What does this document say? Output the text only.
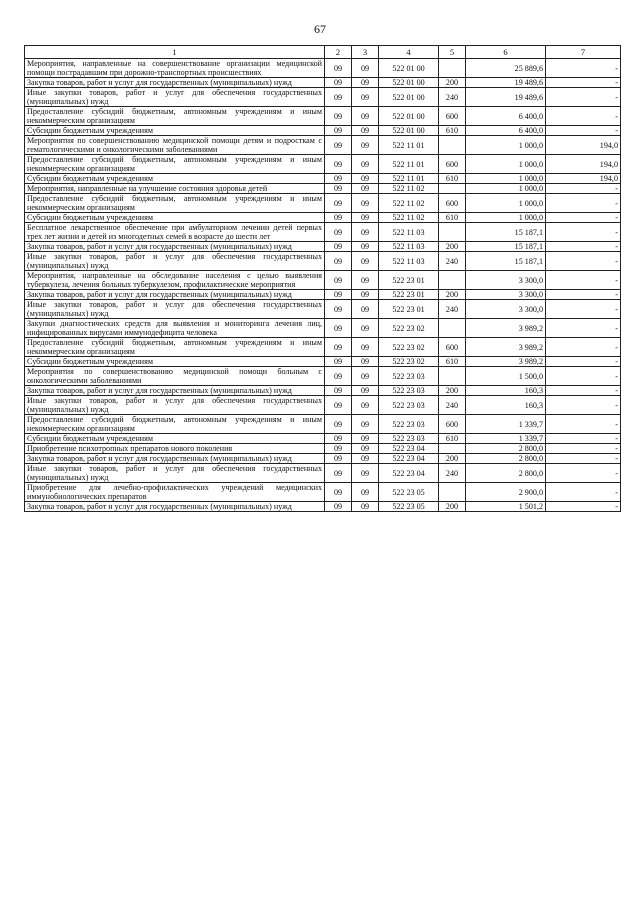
67
1	2	3	4	5	6	7
Мероприятия, направленные на совершенствование организации медицинской помощи пострадавшим при дорожно-транспортных происшествиях	09	09	522 01 00		25 889,6	-
Закупка товаров, работ и услуг для государственных (муниципальных) нужд	09	09	522 01 00	200	19 489,6	-
Иные закупки товаров, работ и услуг для обеспечения государственных (муниципальных) нужд	09	09	522 01 00	240	19 489,6	-
Предоставление субсидий бюджетным, автономным учреждениям и иным некоммерческим организациям	09	09	522 01 00	600	6 400,0	-
Субсидии бюджетным учреждениям	09	09	522 01 00	610	6 400,0	-
Мероприятия по совершенствованию медицинской помощи детям и подросткам с гематологическими и онкологическими заболеваниями	09	09	522 11 01		1 000,0	194,0
Предоставление субсидий бюджетным, автономным учреждениям и иным некоммерческим организациям	09	09	522 11 01	600	1 000,0	194,0
Субсидии бюджетным учреждениям	09	09	522 11 01	610	1 000,0	194,0
Мероприятия, направленные на улучшение состояния здоровья детей	09	09	522 11 02		1 000,0	-
Предоставление субсидий бюджетным, автономным учреждениям и иным некоммерческим организациям	09	09	522 11 02	600	1 000,0	-
Субсидии бюджетным учреждениям	09	09	522 11 02	610	1 000,0	-
Бесплатное лекарственное обеспечение при амбулаторном лечении детей первых трех лет жизни и детей из многодетных семей в возрасте до шести лет	09	09	522 11 03		15 187,1	-
Закупка товаров, работ и услуг для государственных (муниципальных) нужд	09	09	522 11 03	200	15 187,1	-
Иные закупки товаров, работ и услуг для обеспечения государственных (муниципальных) нужд	09	09	522 11 03	240	15 187,1	-
Мероприятия, направленные на обследование населения с целью выявления туберкулеза, лечения больных туберкулезом, профилактические мероприятия	09	09	522 23 01		3 300,0	-
Закупка товаров, работ и услуг для государственных (муниципальных) нужд	09	09	522 23 01	200	3 300,0	-
Иные закупки товаров, работ и услуг для обеспечения государственных (муниципальных) нужд	09	09	522 23 01	240	3 300,0	-
Закупки диагностических средств для выявления и мониторинга лечения лиц, инфицированных вирусами иммунодефицита человека	09	09	522 23 02		3 989,2	-
Предоставление субсидий бюджетным, автономным учреждениям и иным некоммерческим организациям	09	09	522 23 02	600	3 989,2	-
Субсидии бюджетным учреждениям	09	09	522 23 02	610	3 989,2	-
Мероприятия по совершенствованию медицинской помощи больным с онкологическими заболеваниями	09	09	522 23 03		1 500,0	-
Закупка товаров, работ и услуг для государственных (муниципальных) нужд	09	09	522 23 03	200	160,3	-
Иные закупки товаров, работ и услуг для обеспечения государственных (муниципальных) нужд	09	09	522 23 03	240	160,3	-
Предоставление субсидий бюджетным, автономным учреждениям и иным некоммерческим организациям	09	09	522 23 03	600	1 339,7	-
Субсидии бюджетным учреждениям	09	09	522 23 03	610	1 339,7	-
Приобретение психотропных препаратов нового поколения	09	09	522 23 04		2 800,0	-
Закупка товаров, работ и услуг для государственных (муниципальных) нужд	09	09	522 23 04	200	2 800,0	-
Иные закупки товаров, работ и услуг для обеспечения государственных (муниципальных) нужд	09	09	522 23 04	240	2 800,0	-
Приобретение для лечебно-профилактических учреждений медицинских иммунобиологических препаратов	09	09	522 23 05		2 900,0	-
Закупка товаров, работ и услуг для государственных (муниципальных) нужд	09	09	522 23 05	200	1 501,2	-
